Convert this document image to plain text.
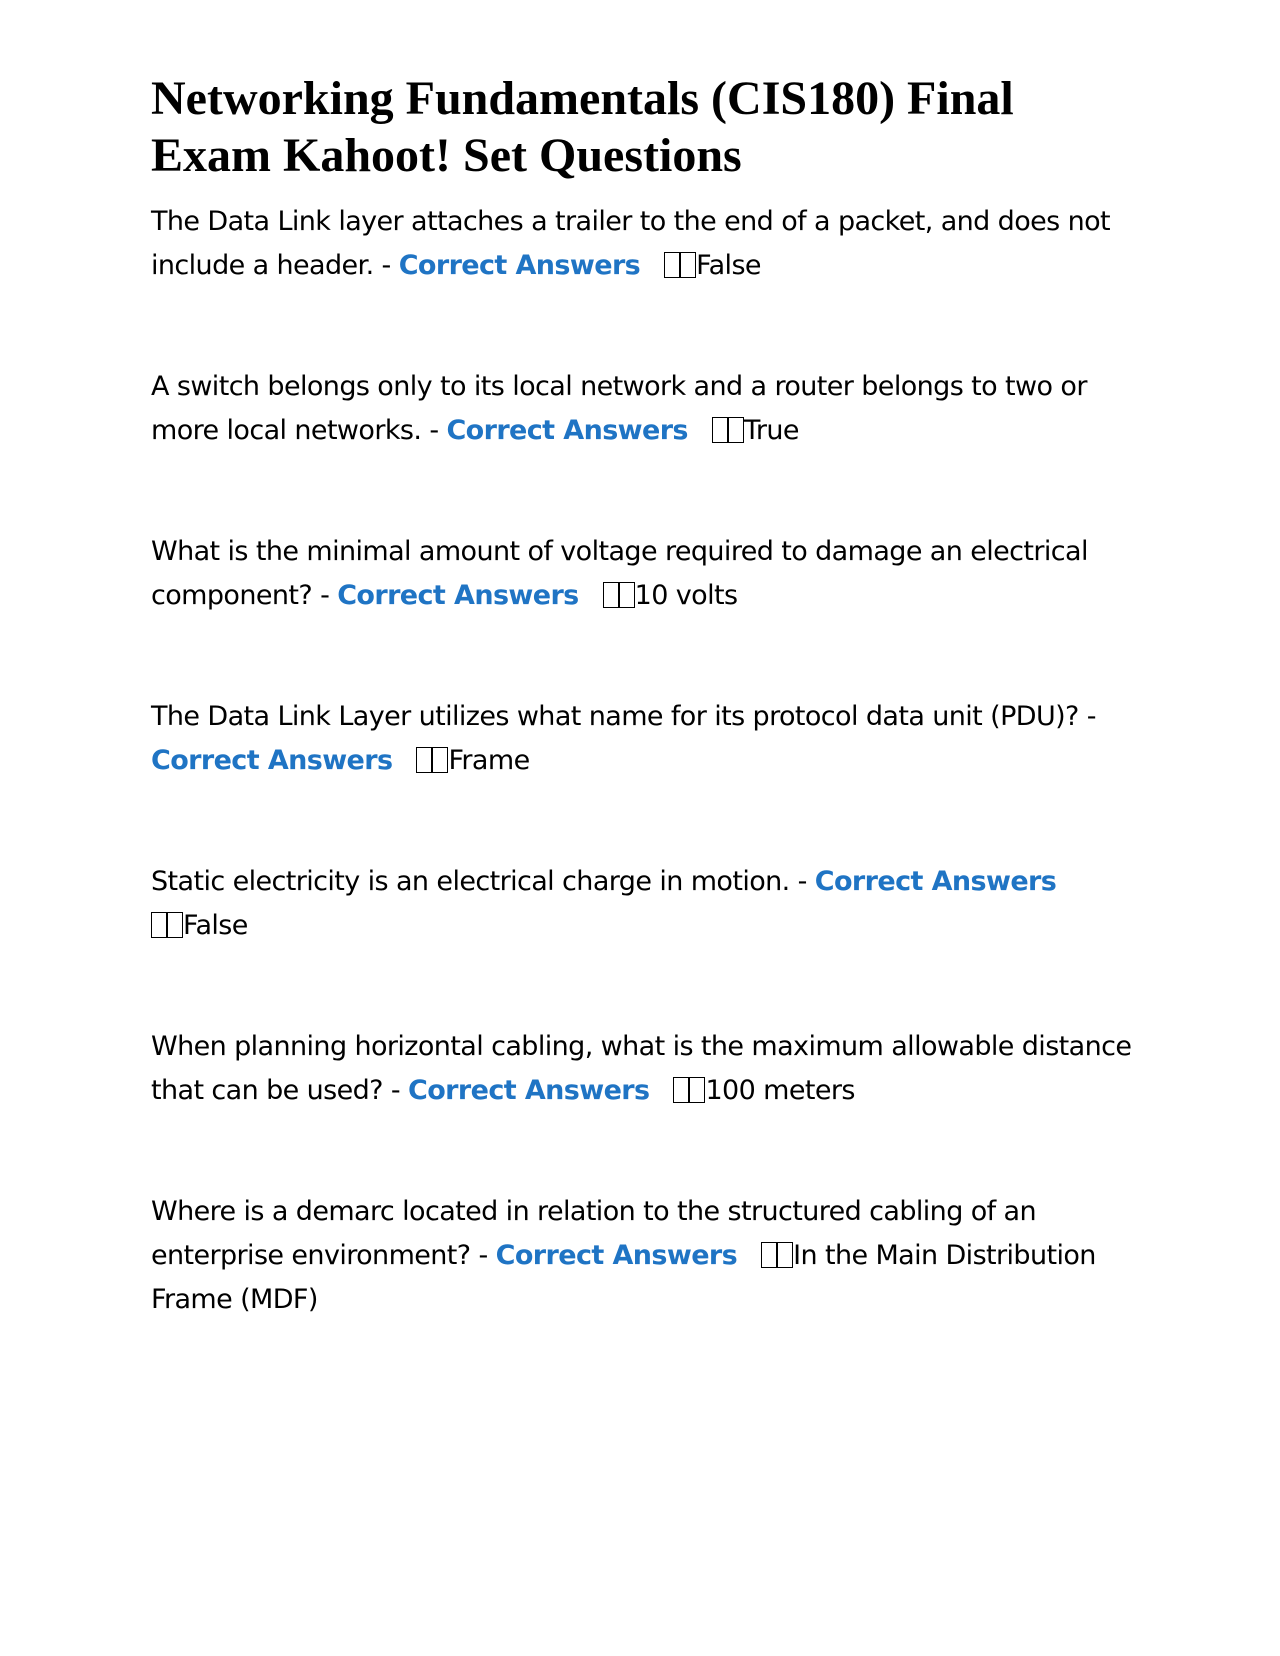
Networking Fundamentals (CIS180) Final Exam Kahoot! Set Questions

The Data Link layer attaches a trailer to the end of a packet, and does not include a header. - Correct Answers False

A switch belongs only to its local network and a router belongs to two or more local networks. - Correct Answers True

What is the minimal amount of voltage required to damage an electrical component? - Correct Answers 10 volts

The Data Link Layer utilizes what name for its protocol data unit (PDU)? - Correct Answers Frame

Static electricity is an electrical charge in motion. - Correct Answers
False

When planning horizontal cabling, what is the maximum allowable distance that can be used? - Correct Answers 100 meters

Where is a demarc located in relation to the structured cabling of an enterprise environment? - Correct Answers In the Main Distribution Frame (MDF)
